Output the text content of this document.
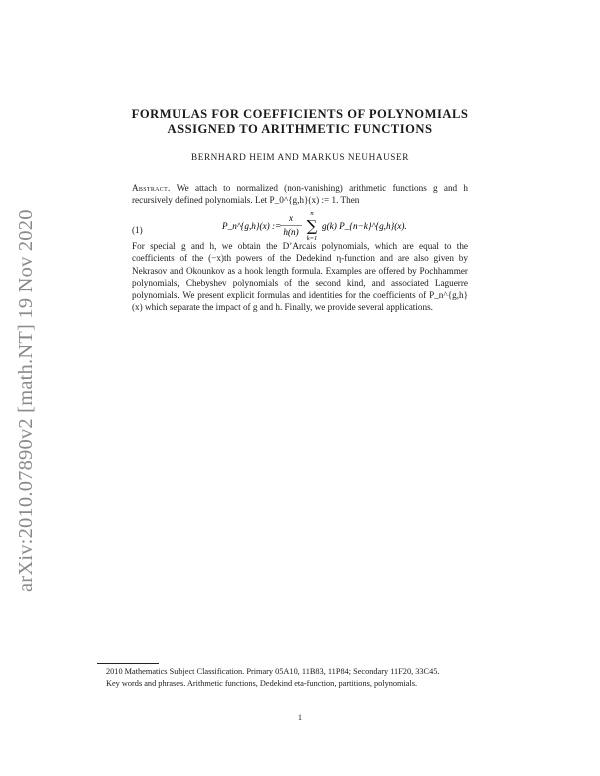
arXiv:2010.07890v2 [math.NT] 19 Nov 2020
FORMULAS FOR COEFFICIENTS OF POLYNOMIALS
ASSIGNED TO ARITHMETIC FUNCTIONS
BERNHARD HEIM AND MARKUS NEUHAUSER
Abstract. We attach to normalized (non-vanishing) arithmetic functions g and h recursively defined polynomials. Let P_0^{g,h}(x) := 1. Then
(1)	P_n^{g,h}(x) :=
x
h(n)
n
∑
k=1
g(k) P_{n−k}^{g,h}(x).
For special g and h, we obtain the D’Arcais polynomials, which are equal to the coefficients of the (−x)th powers of the Dedekind η-function and are also given by Nekrasov and Okounkov as a hook length formula. Examples are offered by Pochhammer polynomials, Chebyshev polynomials of the second kind, and associated Laguerre polynomials. We present explicit formulas and identities for the coefficients of P_n^{g,h}(x) which separate the impact of g and h. Finally, we provide several applications.
2010 Mathematics Subject Classification. Primary 05A10, 11B83, 11P84; Secondary 11F20, 33C45.
Key words and phrases. Arithmetic functions, Dedekind eta-function, partitions, polynomials.
1
